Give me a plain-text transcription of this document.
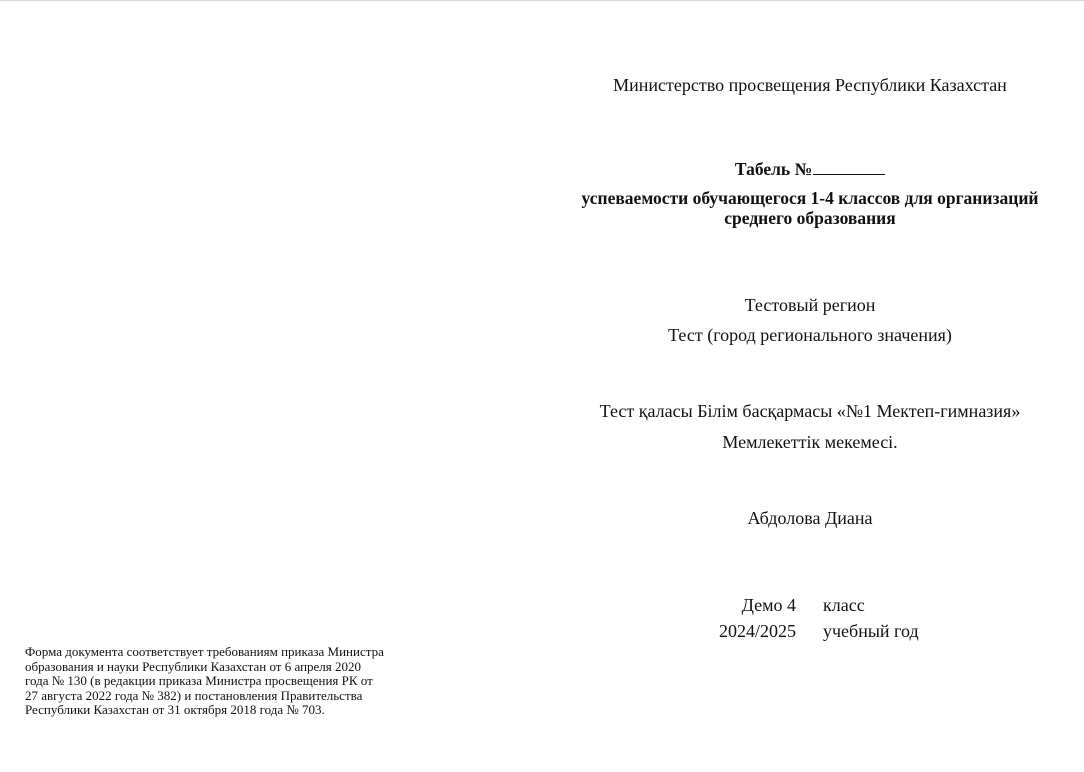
Министерство просвещения Республики Казахстан
Табель №
успеваемости обучающегося 1-4 классов для организаций
среднего образования
Тестовый регион
Тест (город регионального значения)
Тест қаласы Білім басқармасы «№1 Мектеп-гимназия»
Мемлекеттік мекемесі.
Абдолова Диана
Демо 4 класс
2024/2025 учебный год
Форма документа соответствует требованиям приказа Министра
образования и науки Республики Казахстан от 6 апреля 2020
года № 130 (в редакции приказа Министра просвещения РК от
27 августа 2022 года № 382) и постановления Правительства
Республики Казахстан от 31 октября 2018 года № 703.
